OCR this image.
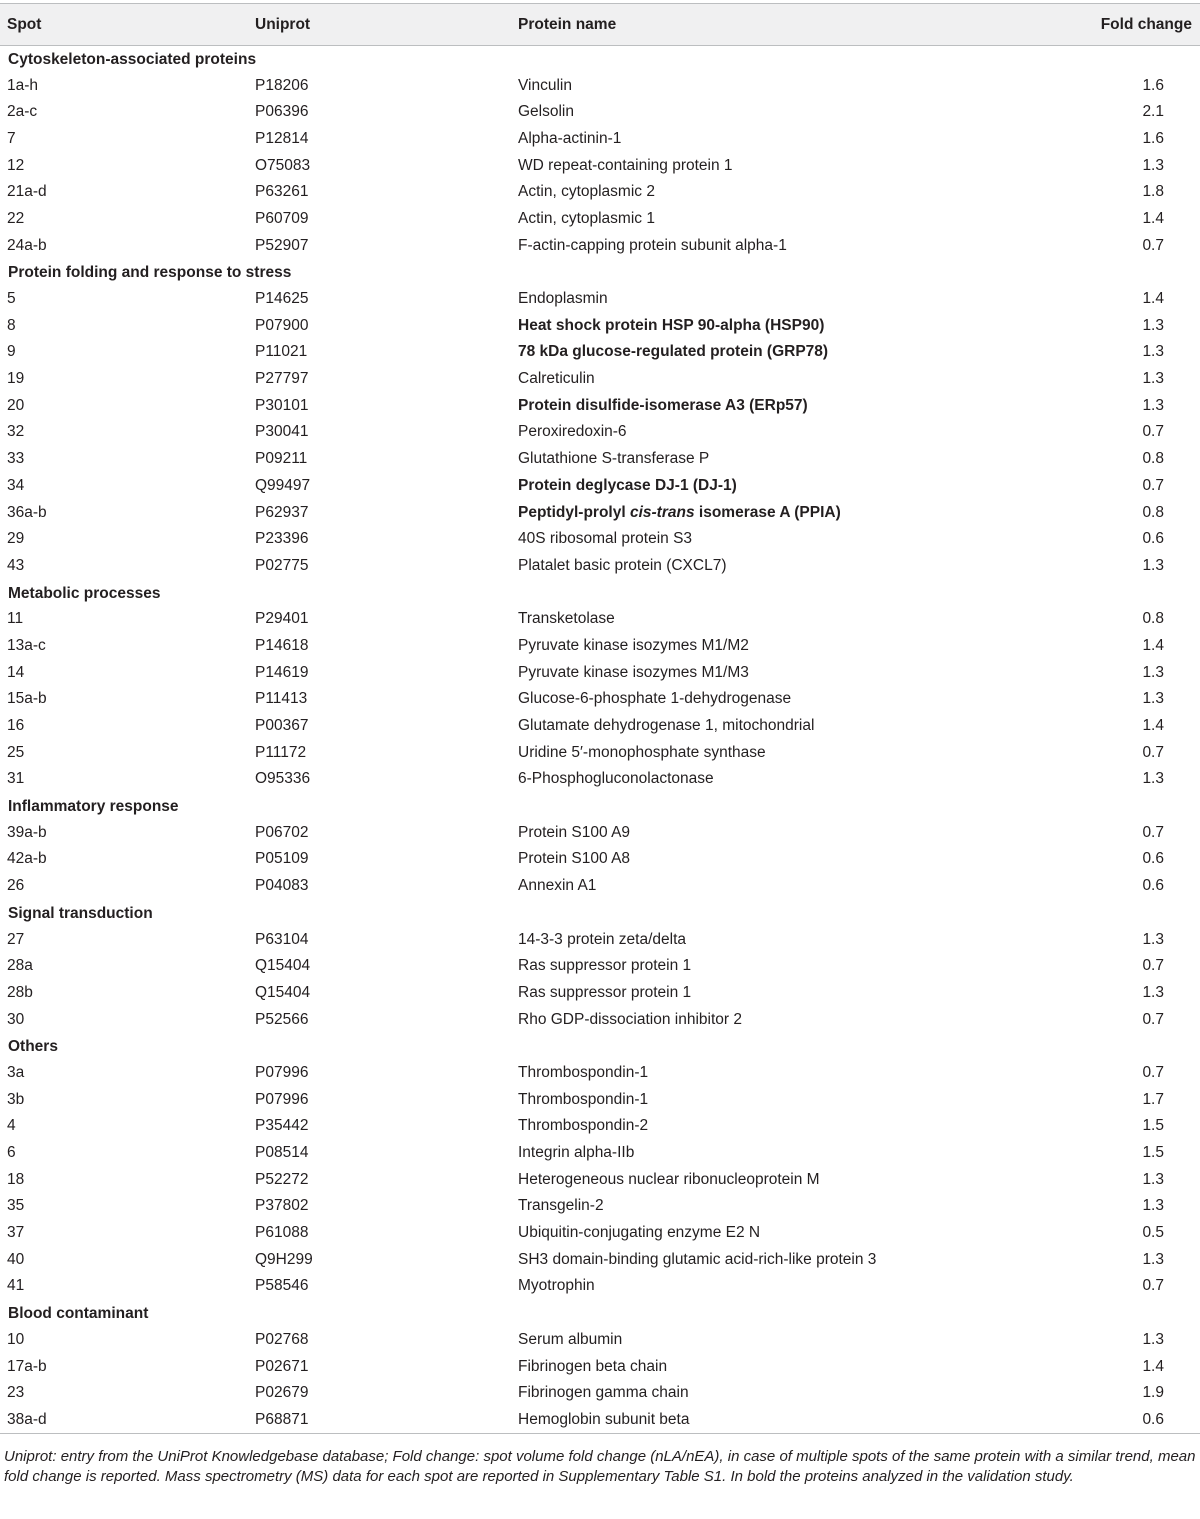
Spot	Uniprot	Protein name	Fold change
Cytoskeleton-associated proteins			
1a-h	P18206	Vinculin	1.6
2a-c	P06396	Gelsolin	2.1
7	P12814	Alpha-actinin-1	1.6
12	O75083	WD repeat-containing protein 1	1.3
21a-d	P63261	Actin, cytoplasmic 2	1.8
22	P60709	Actin, cytoplasmic 1	1.4
24a-b	P52907	F-actin-capping protein subunit alpha-1	0.7
Protein folding and response to stress			
5	P14625	Endoplasmin	1.4
8	P07900	Heat shock protein HSP 90-alpha (HSP90)	1.3
9	P11021	78 kDa glucose-regulated protein (GRP78)	1.3
19	P27797	Calreticulin	1.3
20	P30101	Protein disulfide-isomerase A3 (ERp57)	1.3
32	P30041	Peroxiredoxin-6	0.7
33	P09211	Glutathione S-transferase P	0.8
34	Q99497	Protein deglycase DJ-1 (DJ-1)	0.7
36a-b	P62937	Peptidyl-prolyl cis-trans isomerase A (PPIA)	0.8
29	P23396	40S ribosomal protein S3	0.6
43	P02775	Platalet basic protein (CXCL7)	1.3
Metabolic processes			
11	P29401	Transketolase	0.8
13a-c	P14618	Pyruvate kinase isozymes M1/M2	1.4
14	P14619	Pyruvate kinase isozymes M1/M3	1.3
15a-b	P11413	Glucose-6-phosphate 1-dehydrogenase	1.3
16	P00367	Glutamate dehydrogenase 1, mitochondrial	1.4
25	P11172	Uridine 5′-monophosphate synthase	0.7
31	O95336	6-Phosphogluconolactonase	1.3
Inflammatory response			
39a-b	P06702	Protein S100 A9	0.7
42a-b	P05109	Protein S100 A8	0.6
26	P04083	Annexin A1	0.6
Signal transduction			
27	P63104	14-3-3 protein zeta/delta	1.3
28a	Q15404	Ras suppressor protein 1	0.7
28b	Q15404	Ras suppressor protein 1	1.3
30	P52566	Rho GDP-dissociation inhibitor 2	0.7
Others			
3a	P07996	Thrombospondin-1	0.7
3b	P07996	Thrombospondin-1	1.7
4	P35442	Thrombospondin-2	1.5
6	P08514	Integrin alpha-IIb	1.5
18	P52272	Heterogeneous nuclear ribonucleoprotein M	1.3
35	P37802	Transgelin-2	1.3
37	P61088	Ubiquitin-conjugating enzyme E2 N	0.5
40	Q9H299	SH3 domain-binding glutamic acid-rich-like protein 3	1.3
41	P58546	Myotrophin	0.7
Blood contaminant			
10	P02768	Serum albumin	1.3
17a-b	P02671	Fibrinogen beta chain	1.4
23	P02679	Fibrinogen gamma chain	1.9
38a-d	P68871	Hemoglobin subunit beta	0.6

Uniprot: entry from the UniProt Knowledgebase database; Fold change: spot volume fold change (nLA/nEA), in case of multiple spots of the same protein with a similar trend, mean fold change is reported. Mass spectrometry (MS) data for each spot are reported in Supplementary Table S1. In bold the proteins analyzed in the validation study.
